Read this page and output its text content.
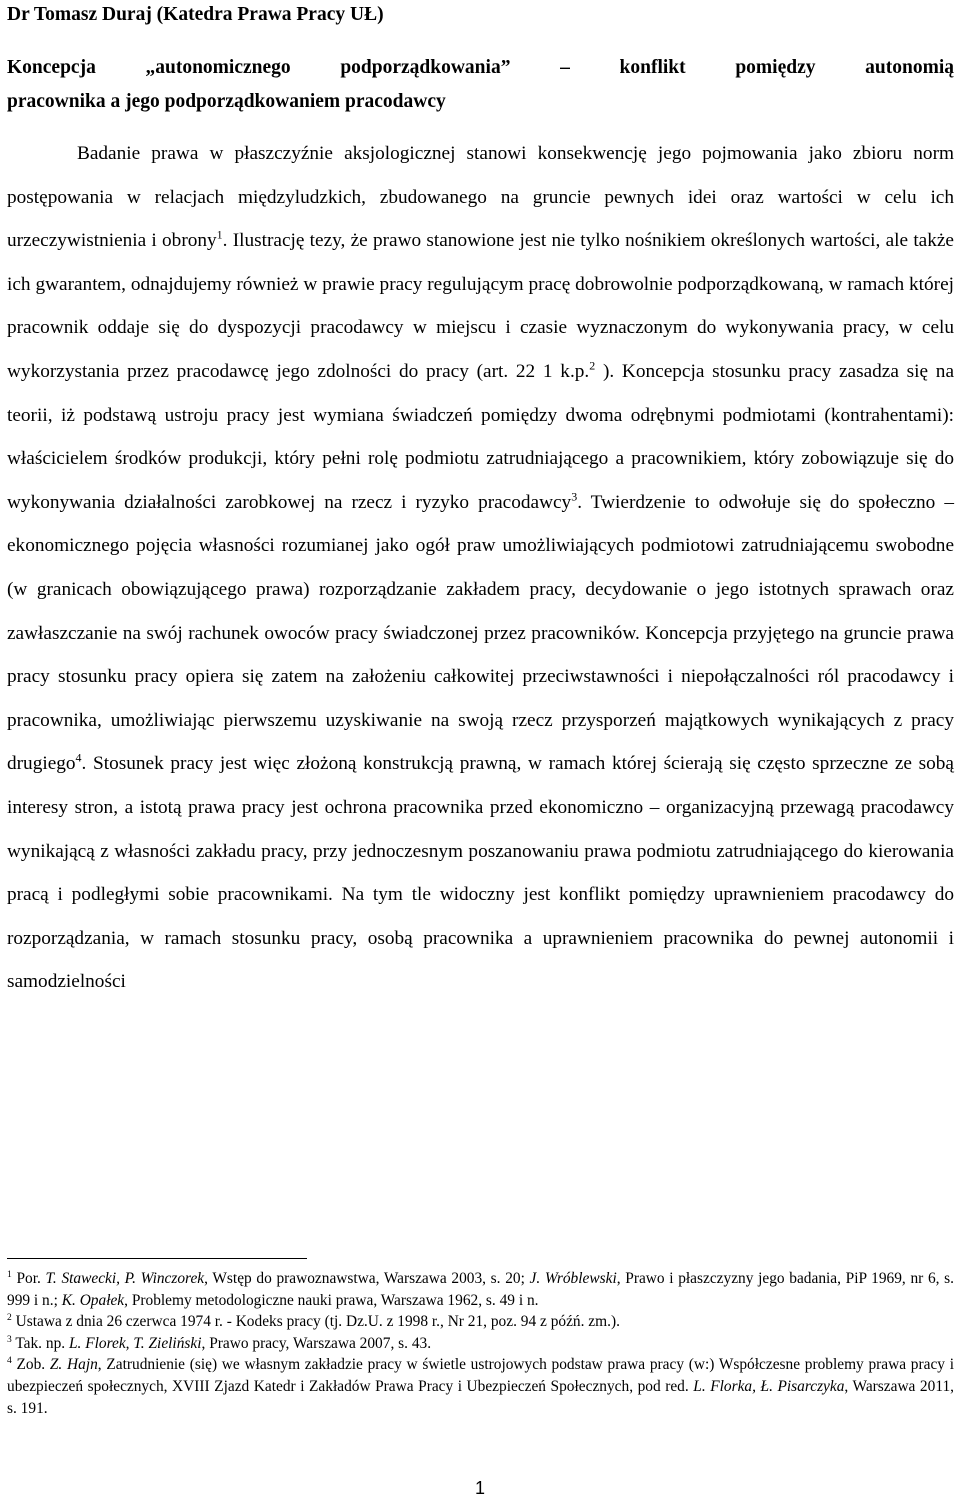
Dr Tomasz Duraj (Katedra Prawa Pracy UŁ)
Koncepcja „autonomicznego podporządkowania” – konflikt pomiędzy autonomią
pracownika a jego podporządkowaniem pracodawcy
Badanie prawa w płaszczyźnie aksjologicznej stanowi konsekwencję jego pojmowania jako zbioru norm postępowania w relacjach międzyludzkich, zbudowanego na gruncie pewnych idei oraz wartości w celu ich urzeczywistnienia i obrony$^1$. Ilustrację tezy, że prawo stanowione jest nie tylko nośnikiem określonych wartości, ale także ich gwarantem, odnajdujemy również w prawie pracy regulującym pracę dobrowolnie podporządkowaną, w ramach której pracownik oddaje się do dyspozycji pracodawcy w miejscu i czasie wyznaczonym do wykonywania pracy, w celu wykorzystania przez pracodawcę jego zdolności do pracy (art. 22 1 k.p.$^2$ ). Koncepcja stosunku pracy zasadza się na teorii, iż podstawą ustroju pracy jest wymiana świadczeń pomiędzy dwoma odrębnymi podmiotami (kontrahentami): właścicielem środków produkcji, który pełni rolę podmiotu zatrudniającego a pracownikiem, który zobowiązuje się do wykonywania działalności zarobkowej na rzecz i ryzyko pracodawcy$^3$. Twierdzenie to odwołuje się do społeczno – ekonomicznego pojęcia własności rozumianej jako ogół praw umożliwiających podmiotowi zatrudniającemu swobodne (w granicach obowiązującego prawa) rozporządzanie zakładem pracy, decydowanie o jego istotnych sprawach oraz zawłaszczanie na swój rachunek owoców pracy świadczonej przez pracowników. Koncepcja przyjętego na gruncie prawa pracy stosunku pracy opiera się zatem na założeniu całkowitej przeciwstawności i niepołączalności ról pracodawcy i pracownika, umożliwiając pierwszemu uzyskiwanie na swoją rzecz przysporzeń majątkowych wynikających z pracy drugiego$^4$. Stosunek pracy jest więc złożoną konstrukcją prawną, w ramach której ścierają się często sprzeczne ze sobą interesy stron, a istotą prawa pracy jest ochrona pracownika przed ekonomiczno – organizacyjną przewagą pracodawcy wynikającą z własności zakładu pracy, przy jednoczesnym poszanowaniu prawa podmiotu zatrudniającego do kierowania pracą i podległymi sobie pracownikami. Na tym tle widoczny jest konflikt pomiędzy uprawnieniem pracodawcy do rozporządzania, w ramach stosunku pracy, osobą pracownika a uprawnieniem pracownika do pewnej autonomii i samodzielności

$^1$ Por. T. Stawecki, P. Winczorek, Wstęp do prawoznawstwa, Warszawa 2003, s. 20; J. Wróblewski, Prawo i płaszczyzny jego badania, PiP 1969, nr 6, s. 999 i n.; K. Opałek, Problemy metodologiczne nauki prawa, Warszawa 1962, s. 49 i n.

$^2$ Ustawa z dnia 26 czerwca 1974 r. - Kodeks pracy (tj. Dz.U. z 1998 r., Nr 21, poz. 94 z późń. zm.).

$^3$ Tak. np. L. Florek, T. Zieliński, Prawo pracy, Warszawa 2007, s. 43.

$^4$ Zob. Z. Hajn, Zatrudnienie (się) we własnym zakładzie pracy w świetle ustrojowych podstaw prawa pracy (w:) Współczesne problemy prawa pracy i ubezpieczeń społecznych, XVIII Zjazd Katedr i Zakładów Prawa Pracy i Ubezpieczeń Społecznych, pod red. L. Florka, Ł. Pisarczyka, Warszawa 2011, s. 191.

1
